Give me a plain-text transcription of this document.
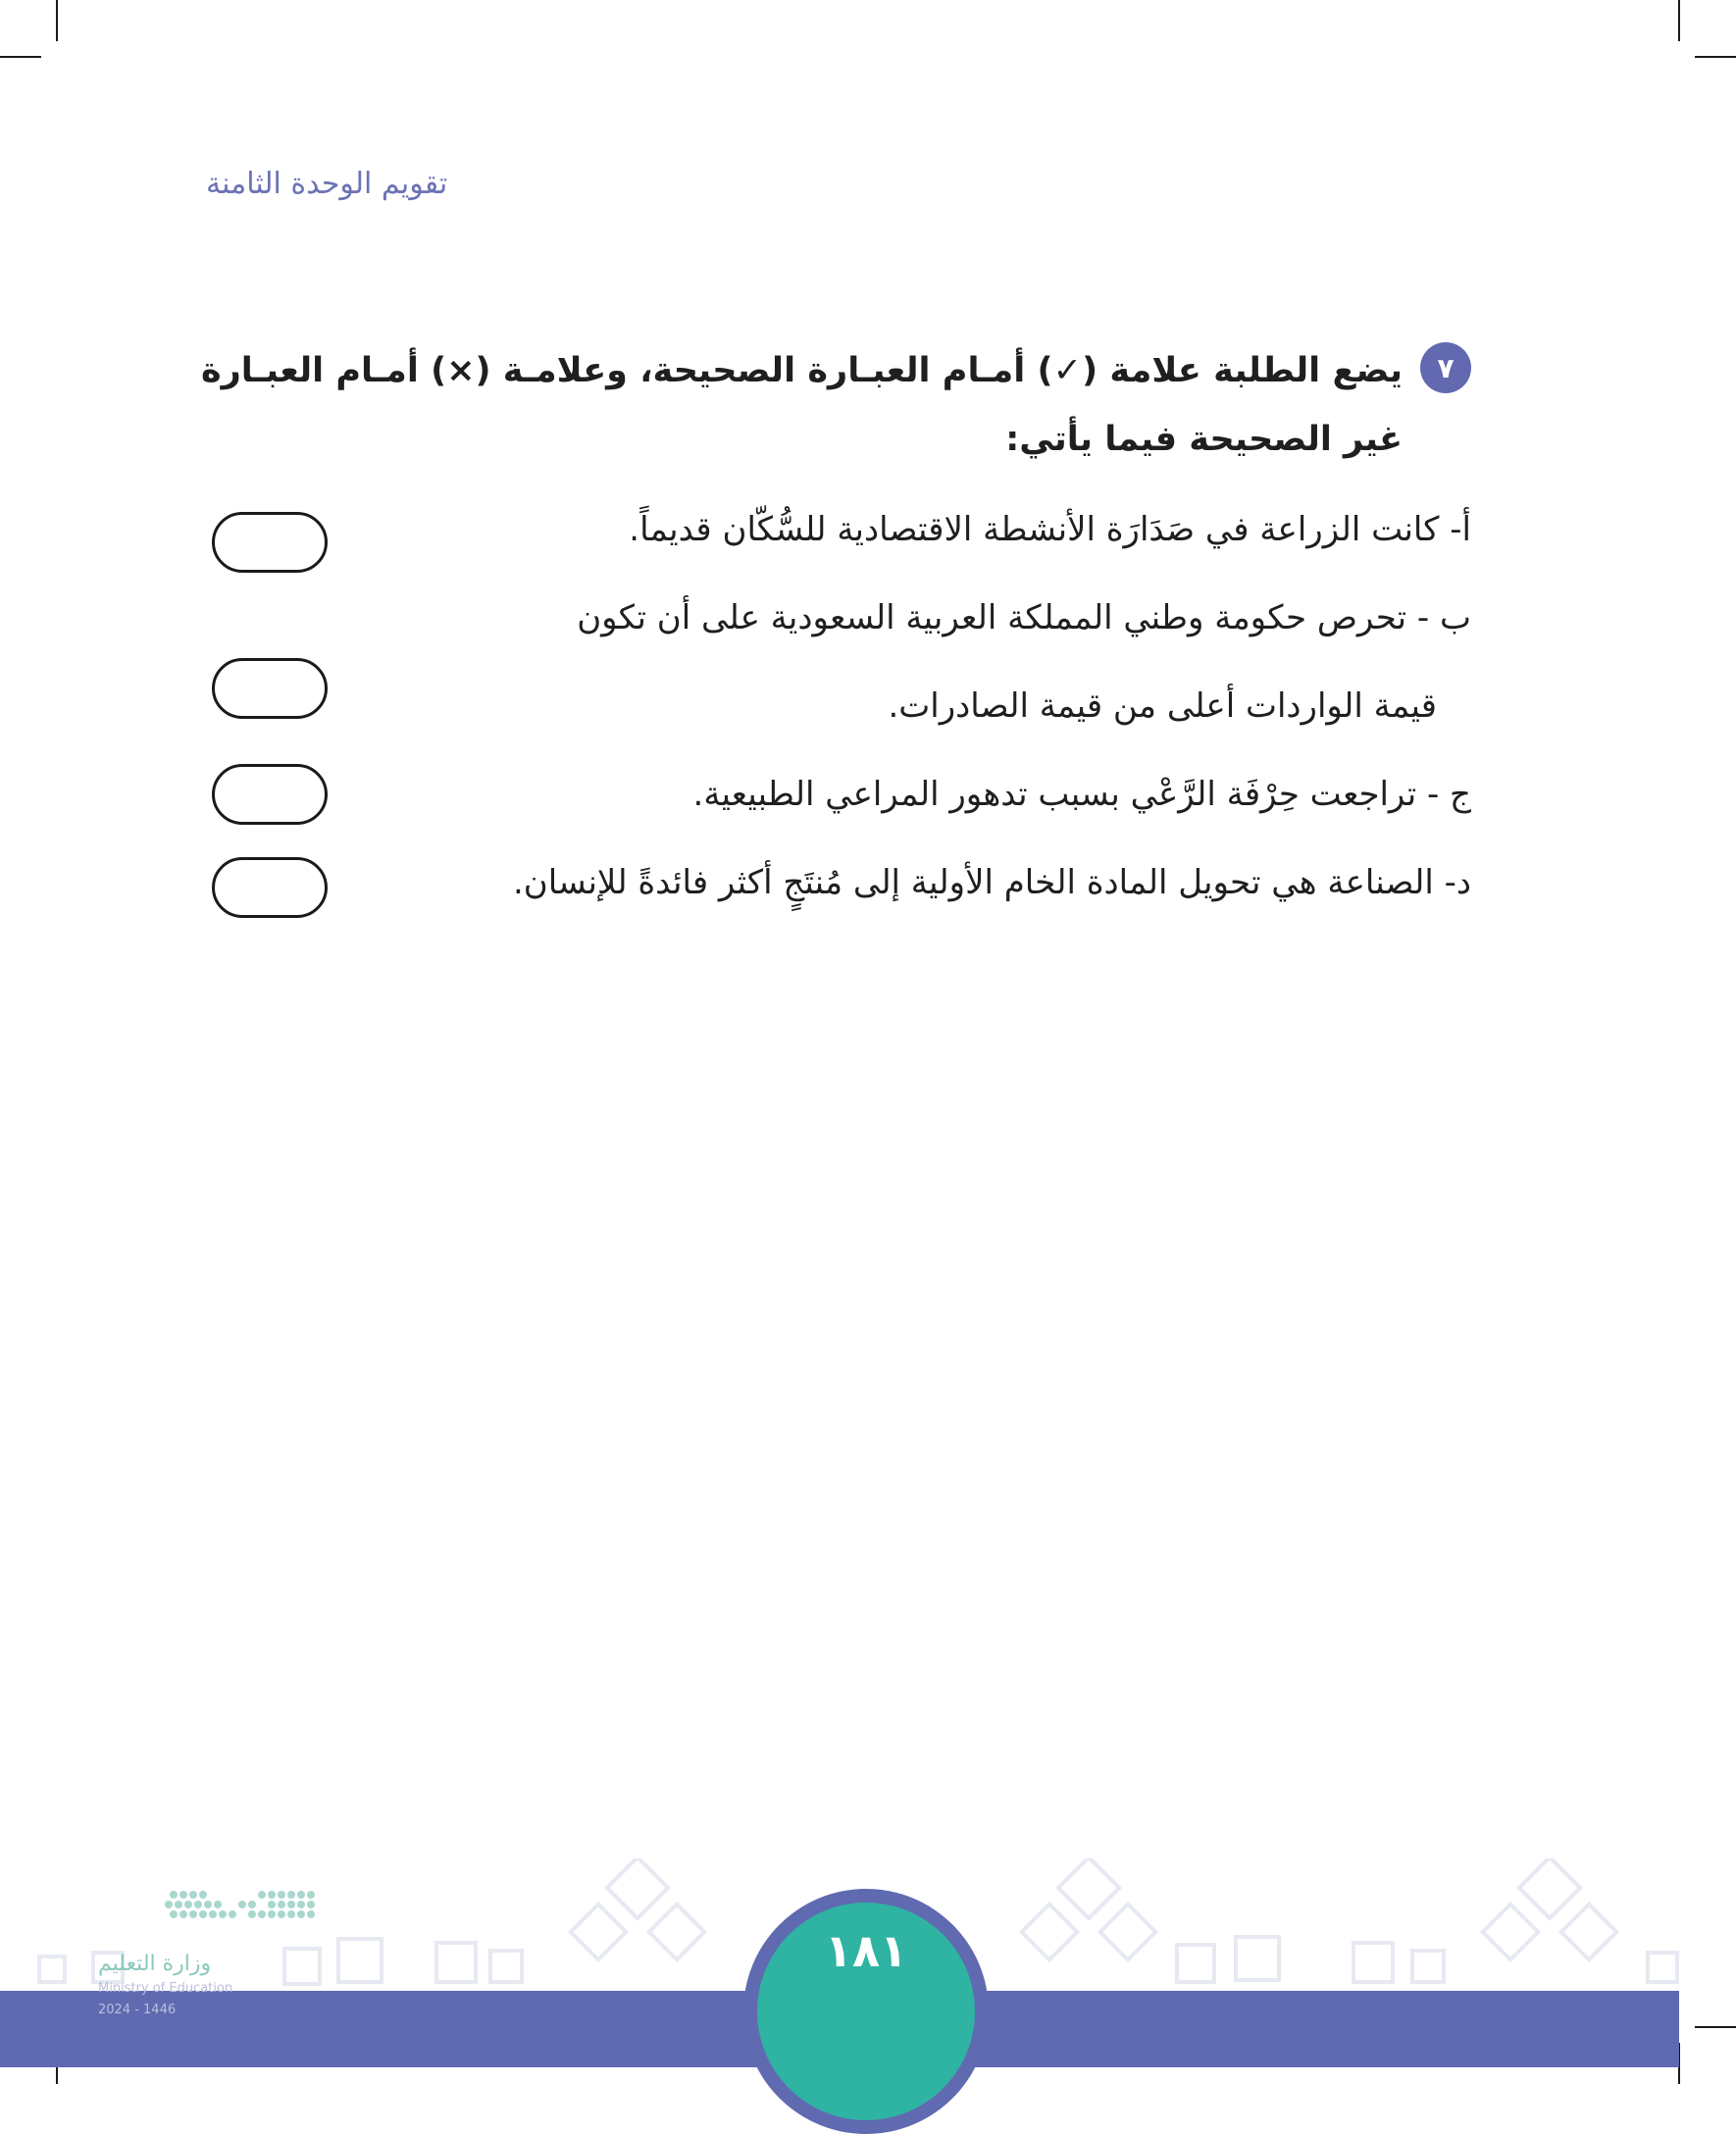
تقويم الوحدة الثامنة
٧
يضع الطلبة علامة (✓) أمـام العبـارة الصحيحة، وعلامـة (×) أمـام العبـارة غير الصحيحة فيما يأتي:
أ- كانت الزراعة في صَدَارَة الأنشطة الاقتصادية للسُّكّان قديماً.
ب - تحرص حكومة وطني المملكة العربية السعودية على أن تكون
قيمة الواردات أعلى من قيمة الصادرات.
ج - تراجعت حِرْفَة الرَّعْي بسبب تدهور المراعي الطبيعية.
د- الصناعة هي تحويل المادة الخام الأولية إلى مُنتَجٍ أكثر فائدةً للإنسان.
١٨١
وزارة التعليم
Ministry of Education
2024 - 1446
